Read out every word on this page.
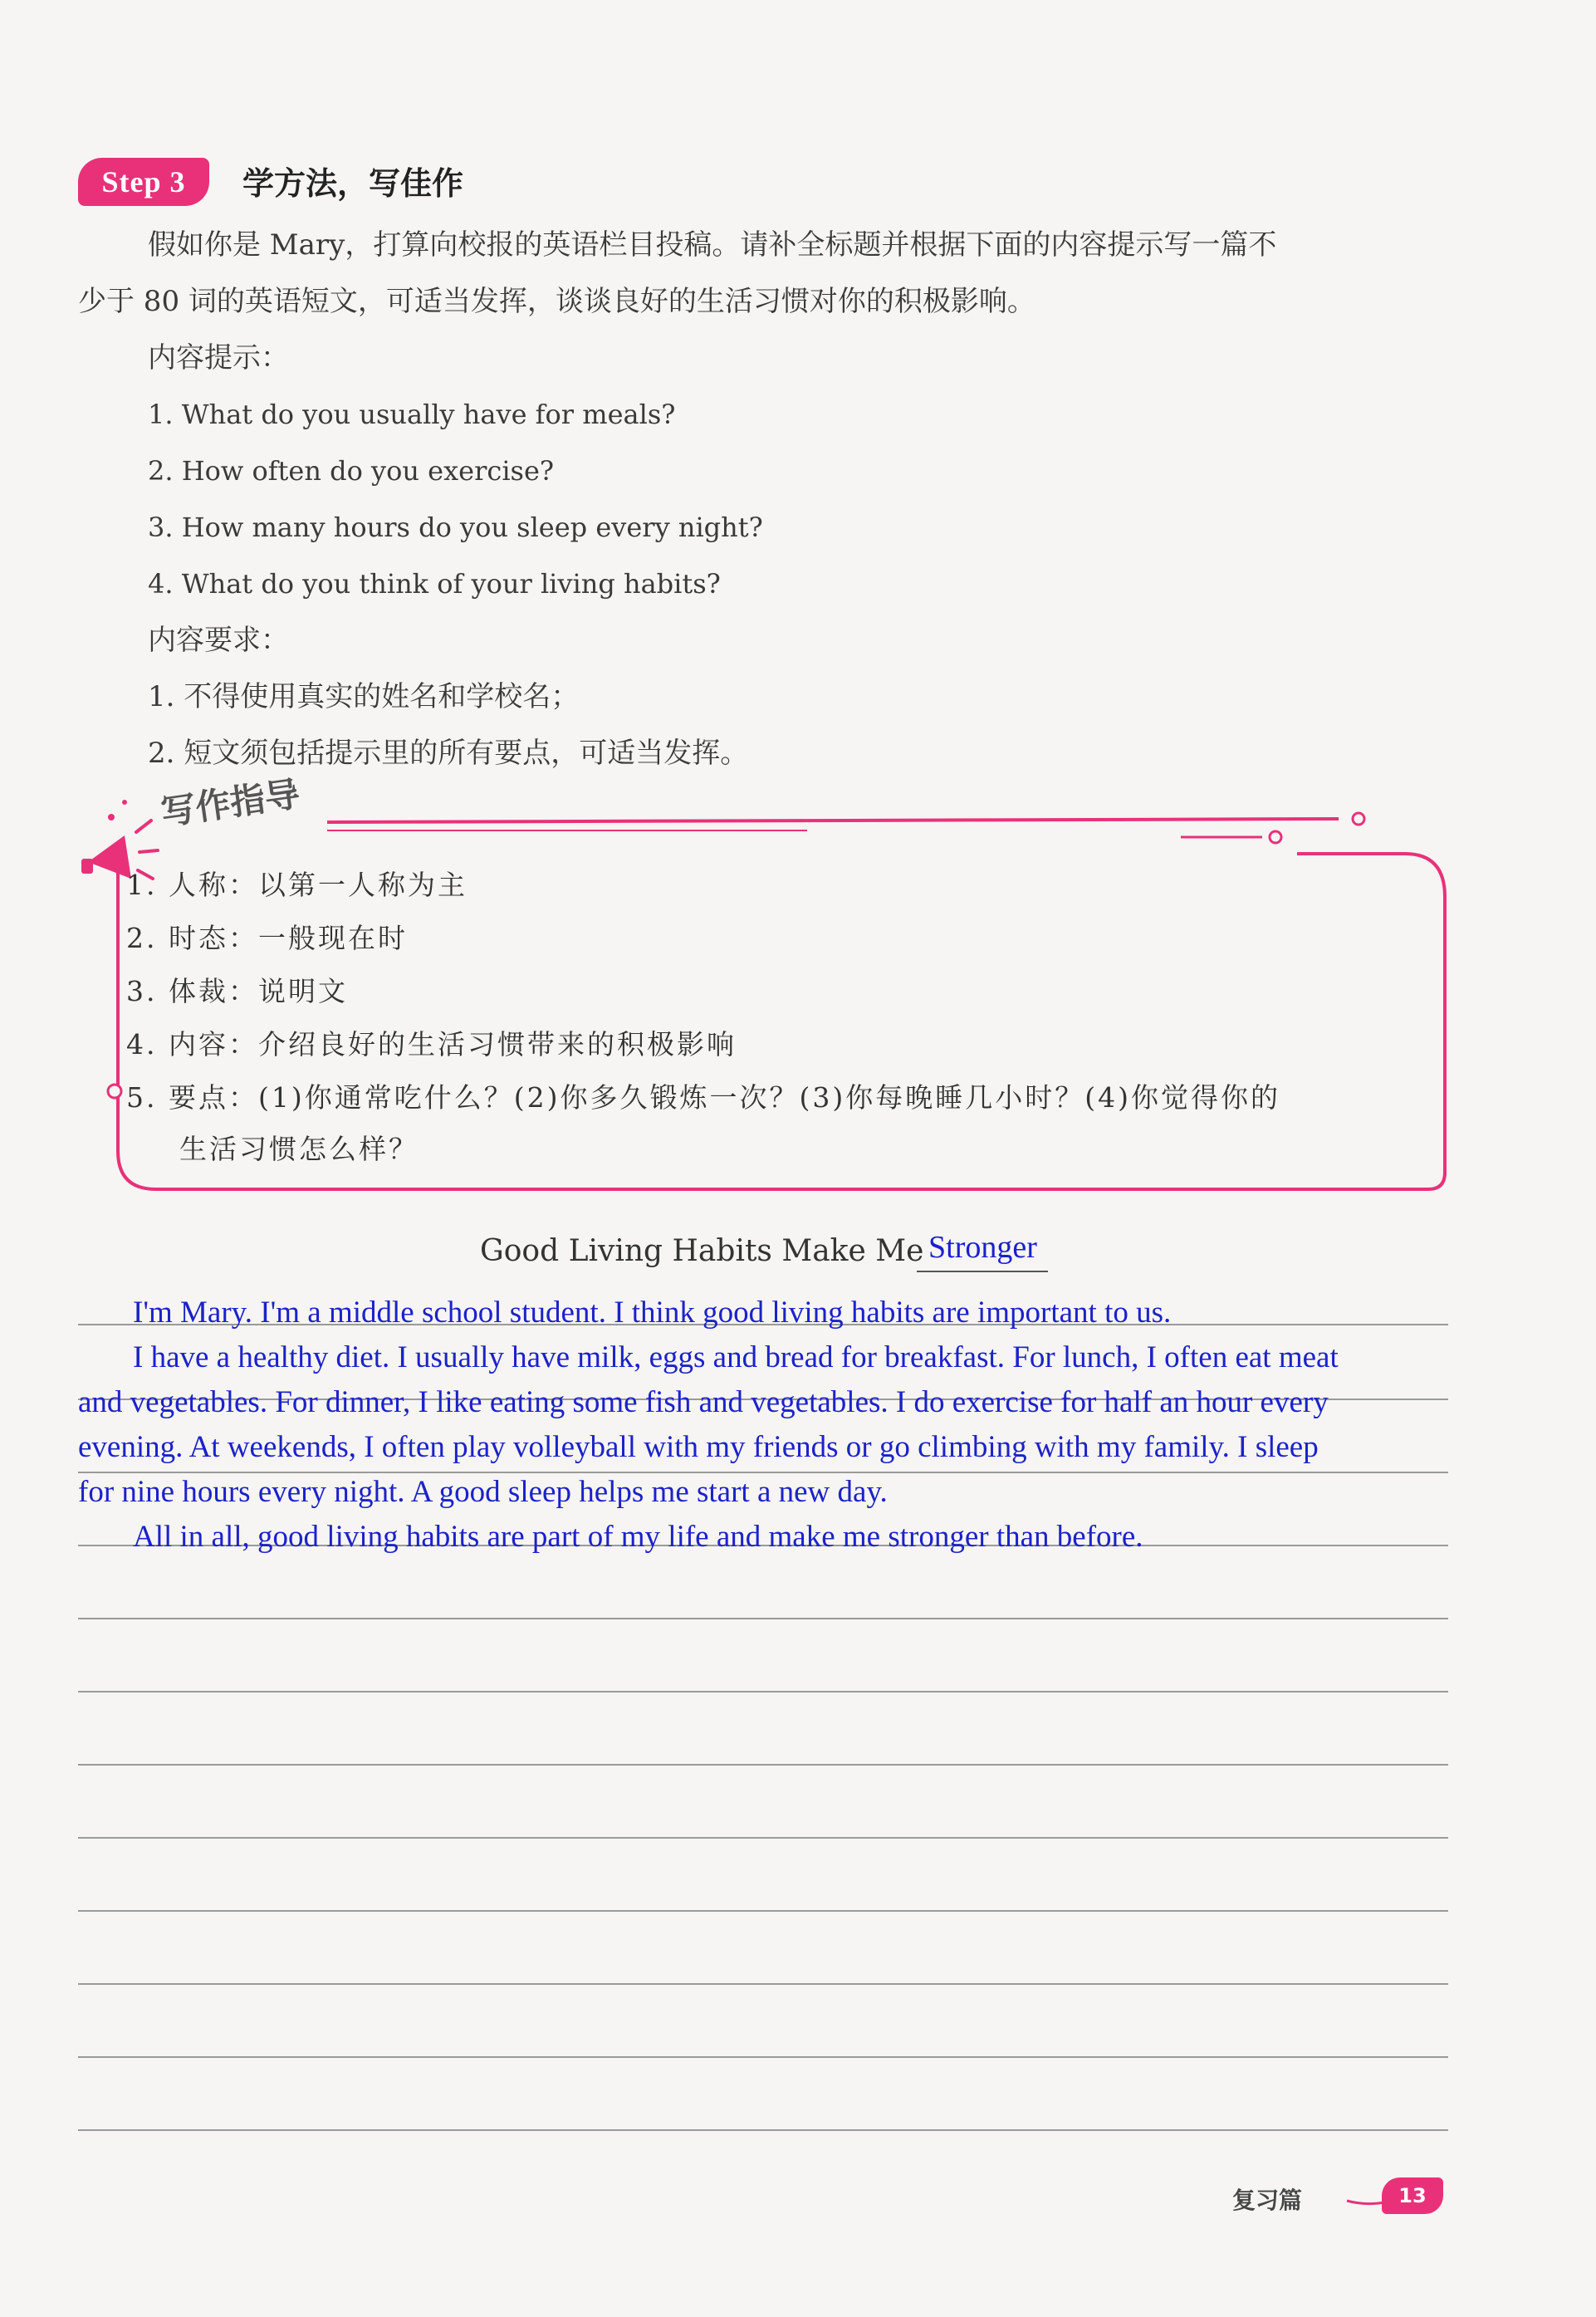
Step 3	学方法，写佳作
假如你是 Mary，打算向校报的英语栏目投稿。请补全标题并根据下面的内容提示写一篇不
少于 80 词的英语短文，可适当发挥，谈谈良好的生活习惯对你的积极影响。
内容提示：
1. What do you usually have for meals?
2. How often do you exercise?
3. How many hours do you sleep every night?
4. What do you think of your living habits?
内容要求：
1. 不得使用真实的姓名和学校名；
2. 短文须包括提示里的所有要点，可适当发挥。
写作指导
1. 人称：以第一人称为主
2. 时态：一般现在时
3. 体裁：说明文
4. 内容：介绍良好的生活习惯带来的积极影响
5. 要点：(1)你通常吃什么？(2)你多久锻炼一次？(3)你每晚睡几小时？(4)你觉得你的
生活习惯怎么样？
Good Living Habits Make Me Stronger
I'm Mary. I'm a middle school student. I think good living habits are important to us.
I have a healthy diet. I usually have milk, eggs and bread for breakfast. For lunch, I often eat meat
and vegetables. For dinner, I like eating some fish and vegetables. I do exercise for half an hour every
evening. At weekends, I often play volleyball with my friends or go climbing with my family. I sleep
for nine hours every night. A good sleep helps me start a new day.
All in all, good living habits are part of my life and make me stronger than before.
复习篇	13
